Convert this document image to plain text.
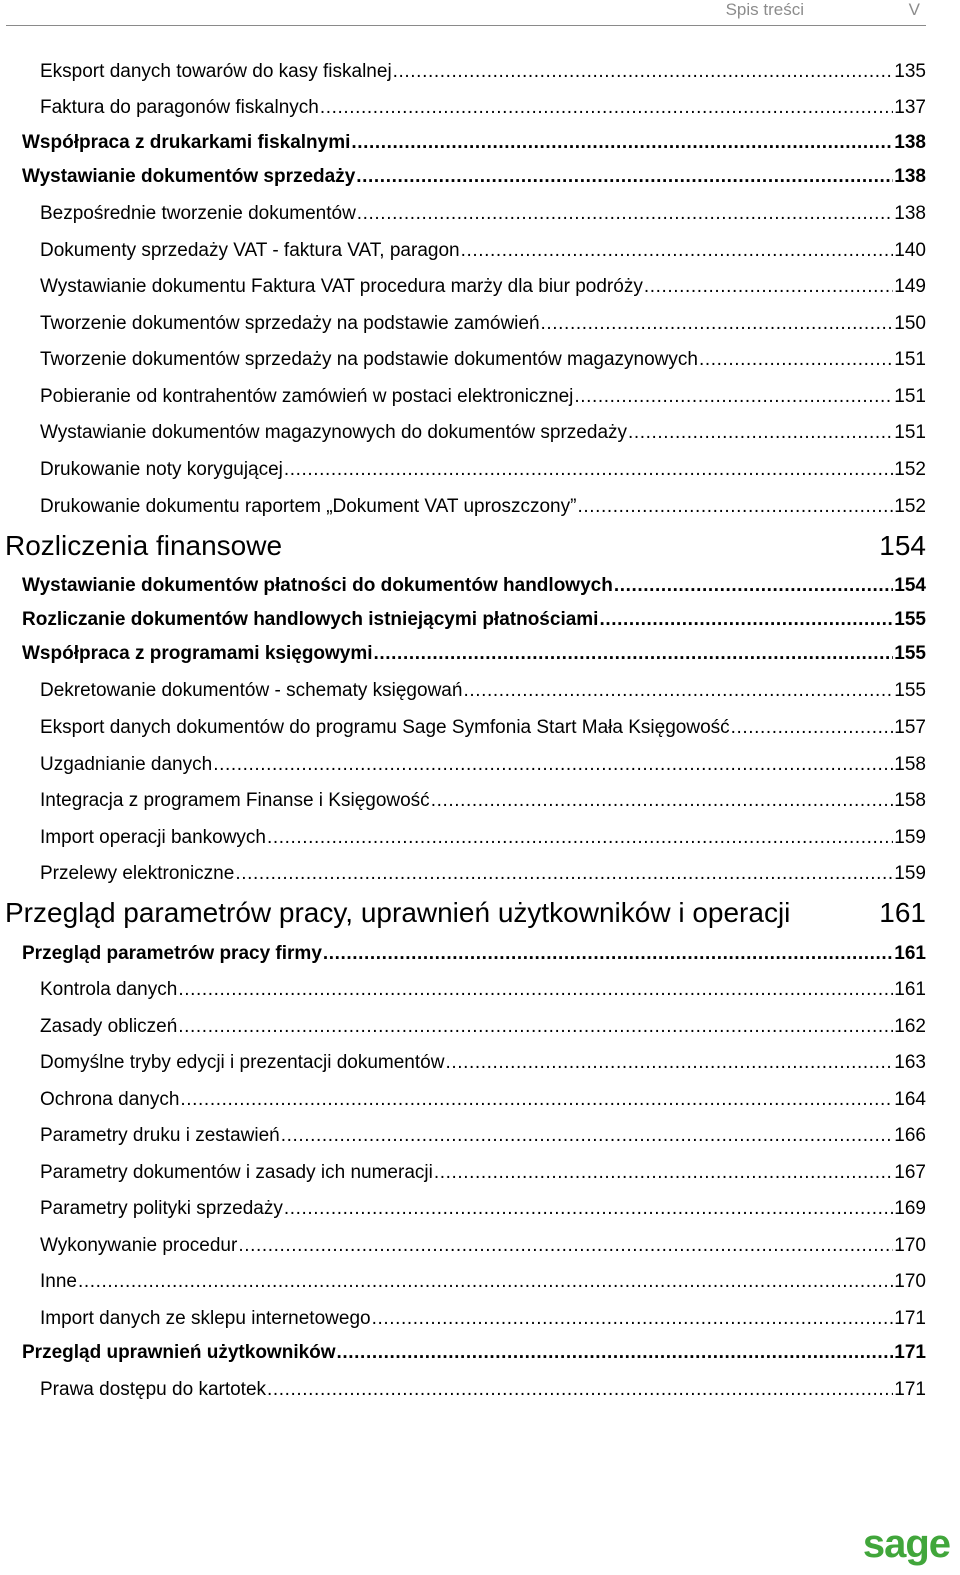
Spis treści	V
Eksport danych towarów do kasy fiskalnej .....	135
Faktura do paragonów fiskalnych .....	137
Współpraca z drukarkami fiskalnymi .....	138
Wystawianie dokumentów sprzedaży .....	138
Bezpośrednie tworzenie dokumentów .....	138
Dokumenty sprzedaży VAT - faktura VAT, paragon .....	140
Wystawianie dokumentu Faktura VAT procedura marży dla biur podróży .....	149
Tworzenie dokumentów sprzedaży na podstawie zamówień .....	150
Tworzenie dokumentów sprzedaży na podstawie dokumentów magazynowych .....	151
Pobieranie od kontrahentów zamówień w postaci elektronicznej .....	151
Wystawianie dokumentów magazynowych do dokumentów sprzedaży .....	151
Drukowanie noty korygującej .....	152
Drukowanie dokumentu raportem „Dokument VAT uproszczony” .....	152
Rozliczenia finansowe	154
Wystawianie dokumentów płatności do dokumentów handlowych .....	154
Rozliczanie dokumentów handlowych istniejącymi płatnościami .....	155
Współpraca z programami księgowymi .....	155
Dekretowanie dokumentów - schematy księgowań .....	155
Eksport danych dokumentów do programu Sage Symfonia Start Mała Księgowość .....	157
Uzgadnianie danych .....	158
Integracja z programem Finanse i Księgowość .....	158
Import operacji bankowych .....	159
Przelewy elektroniczne .....	159
Przegląd parametrów pracy, uprawnień użytkowników i operacji	161
Przegląd parametrów pracy firmy .....	161
Kontrola danych .....	161
Zasady obliczeń .....	162
Domyślne tryby edycji i prezentacji dokumentów .....	163
Ochrona danych .....	164
Parametry druku i zestawień .....	166
Parametry dokumentów i zasady ich numeracji .....	167
Parametry polityki sprzedaży .....	169
Wykonywanie procedur .....	170
Inne .....	170
Import danych ze sklepu internetowego .....	171
Przegląd uprawnień użytkowników .....	171
Prawa dostępu do kartotek .....	171
sage
